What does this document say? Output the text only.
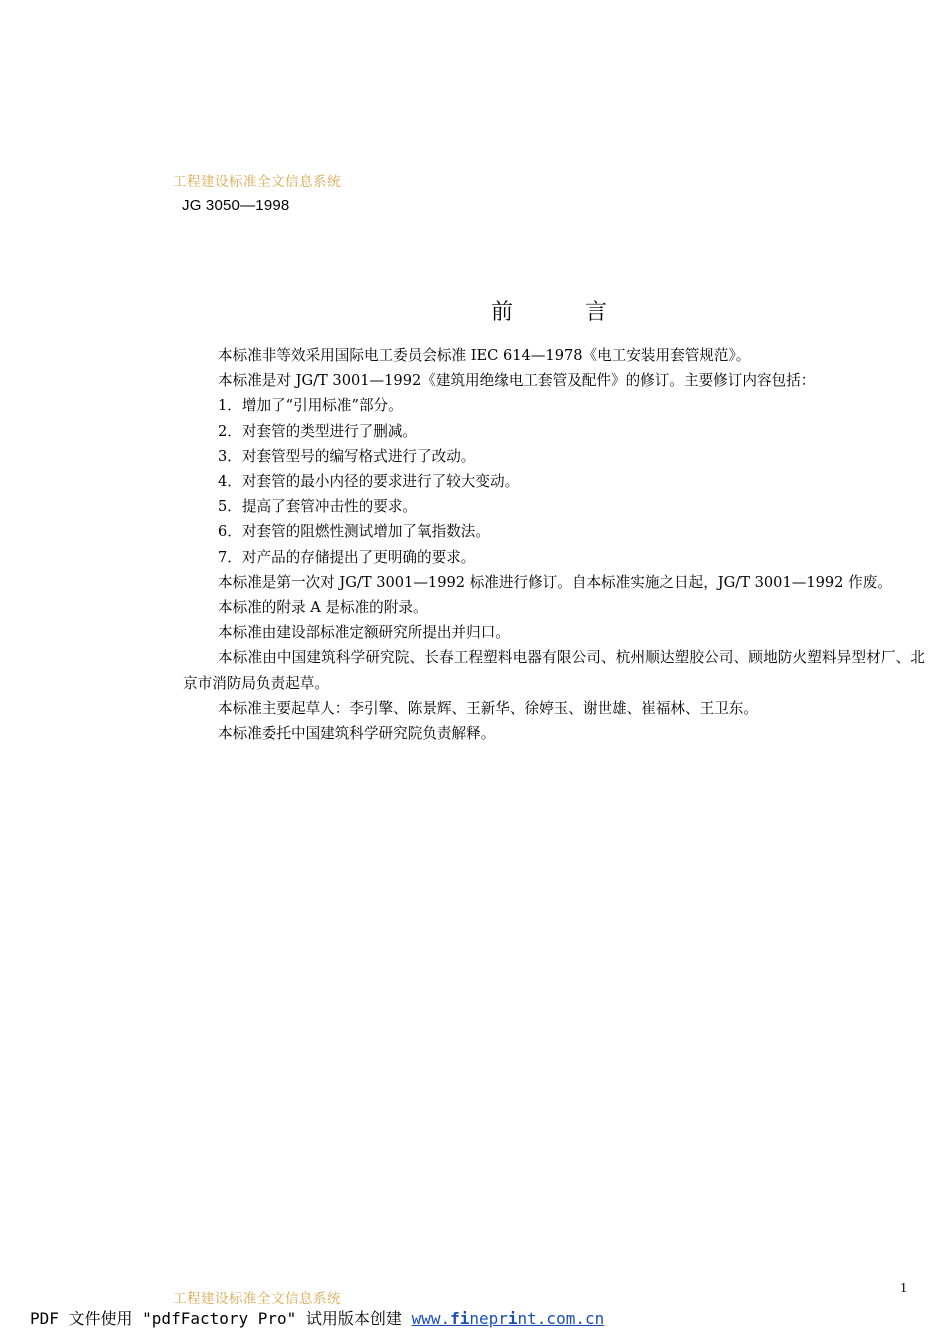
工程建设标准全文信息系统
JG 3050—1998
前	言

本标准非等效采用国际电工委员会标准 IEC 614—1978《电工安装用套管规范》。

本标准是对 JG/T 3001—1992《建筑用绝缘电工套管及配件》的修订。主要修订内容包括：

1．增加了“引用标准”部分。

2．对套管的类型进行了删减。

3．对套管型号的编写格式进行了改动。

4．对套管的最小内径的要求进行了较大变动。

5．提高了套管冲击性的要求。

6．对套管的阻燃性测试增加了氧指数法。

7．对产品的存储提出了更明确的要求。

本标准是第一次对 JG/T 3001—1992 标准进行修订。自本标准实施之日起，JG/T 3001—1992 作废。

本标准的附录 A 是标准的附录。

本标准由建设部标准定额研究所提出并归口。

本标准由中国建筑科学研究院、长春工程塑料电器有限公司、杭州顺达塑胶公司、顾地防火塑料异型材厂、北京市消防局负责起草。

本标准主要起草人：李引擎、陈景辉、王新华、徐婷玉、谢世雄、崔福林、王卫东。

本标准委托中国建筑科学研究院负责解释。

1
工程建设标准全文信息系统
PDF 文件使用 "pdfFactory Pro" 试用版本创建 www.fineprint.com.cn
